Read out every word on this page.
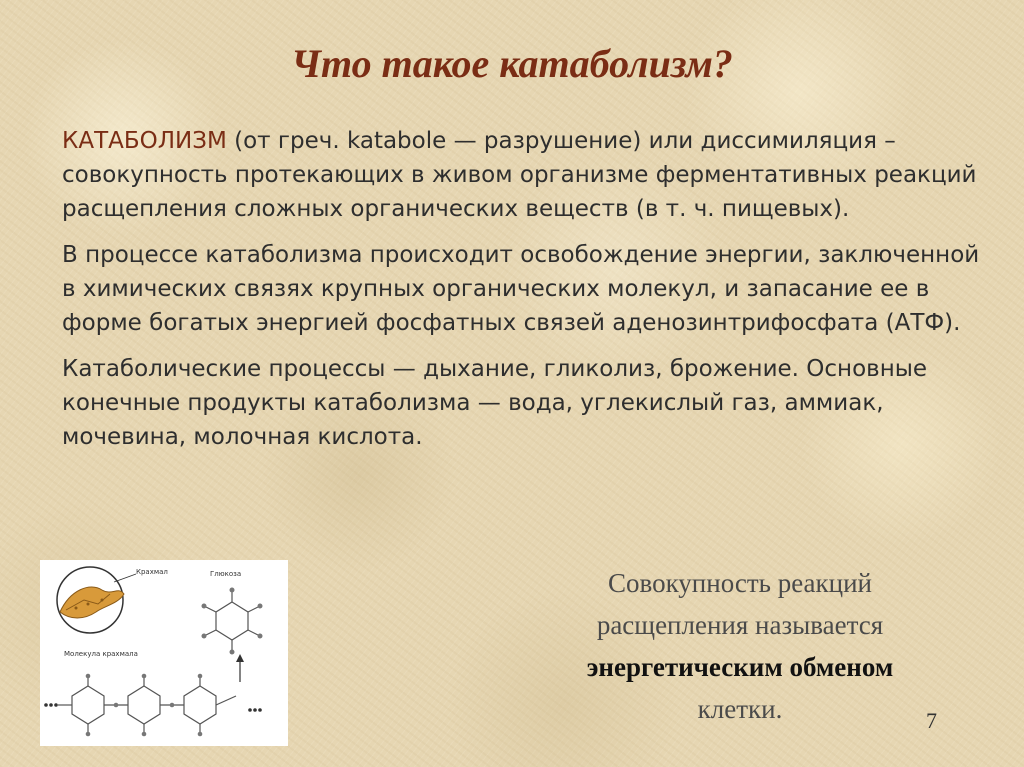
Что такое катаболизм?

КАТАБОЛИЗМ (от греч. katabole — разрушение) или диссимиляция – совокупность протекающих в живом организме ферментативных реакций расщепления сложных органических веществ (в т. ч. пищевых).

В процессе катаболизма происходит освобождение энергии, заключенной в химических связях крупных органических молекул, и запасание ее в форме богатых энергией фосфатных связей аденозинтрифосфата (АТФ).

Катаболические процессы — дыхание, гликолиз, брожение. Основные конечные продукты катаболизма — вода, углекислый газ, аммиак, мочевина, молочная кислота.

Крахмал	Глюкоза
Молекула крахмала
Совокупность реакций
расщепления называется
энергетическим обменом
клетки.	7
